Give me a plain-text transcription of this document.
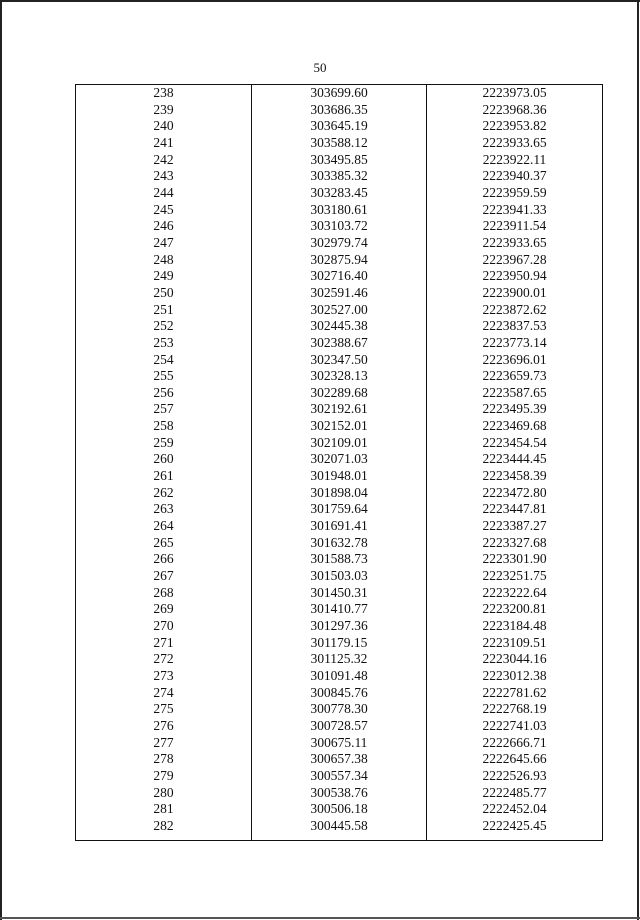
50
238	303699.60	2223973.05
239	303686.35	2223968.36
240	303645.19	2223953.82
241	303588.12	2223933.65
242	303495.85	2223922.11
243	303385.32	2223940.37
244	303283.45	2223959.59
245	303180.61	2223941.33
246	303103.72	2223911.54
247	302979.74	2223933.65
248	302875.94	2223967.28
249	302716.40	2223950.94
250	302591.46	2223900.01
251	302527.00	2223872.62
252	302445.38	2223837.53
253	302388.67	2223773.14
254	302347.50	2223696.01
255	302328.13	2223659.73
256	302289.68	2223587.65
257	302192.61	2223495.39
258	302152.01	2223469.68
259	302109.01	2223454.54
260	302071.03	2223444.45
261	301948.01	2223458.39
262	301898.04	2223472.80
263	301759.64	2223447.81
264	301691.41	2223387.27
265	301632.78	2223327.68
266	301588.73	2223301.90
267	301503.03	2223251.75
268	301450.31	2223222.64
269	301410.77	2223200.81
270	301297.36	2223184.48
271	301179.15	2223109.51
272	301125.32	2223044.16
273	301091.48	2223012.38
274	300845.76	2222781.62
275	300778.30	2222768.19
276	300728.57	2222741.03
277	300675.11	2222666.71
278	300657.38	2222645.66
279	300557.34	2222526.93
280	300538.76	2222485.77
281	300506.18	2222452.04
282	300445.58	2222425.45
